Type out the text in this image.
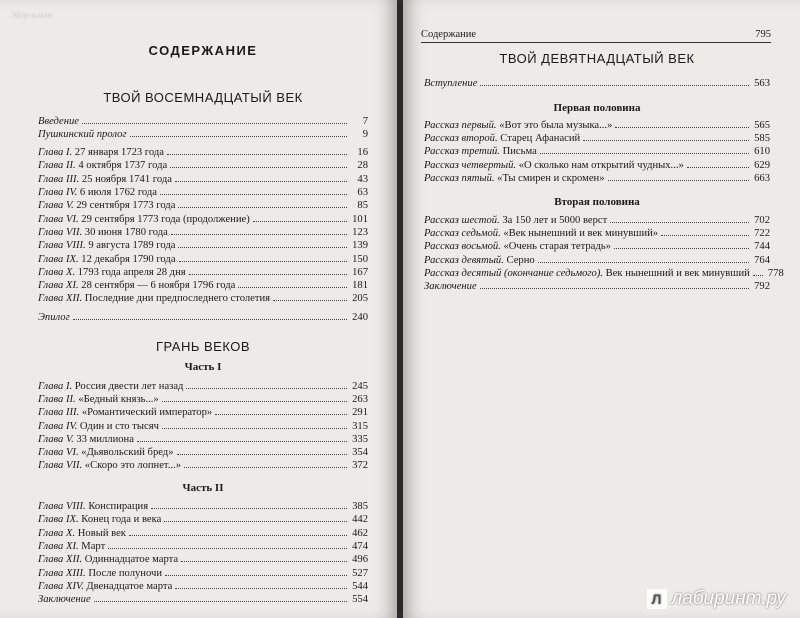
Эйдельман
СОДЕРЖАНИЕ
ТВОЙ ВОСЕМНАДЦАТЫЙ ВЕК
Введение	7
Пушкинский пролог	9
Глава I. 27 января 1723 года	16
Глава II. 4 октября 1737 года	28
Глава III. 25 ноября 1741 года	43
Глава IV. 6 июля 1762 года	63
Глава V. 29 сентября 1773 года	85
Глава VI. 29 сентября 1773 года (продолжение)	101
Глава VII. 30 июня 1780 года	123
Глава VIII. 9 августа 1789 года	139
Глава IX. 12 декабря 1790 года	150
Глава X. 1793 года апреля 28 дня	167
Глава XI. 28 сентября — 6 ноября 1796 года	181
Глава XII. Последние дни предпоследнего столетия	205
Эпилог	240
ГРАНЬ ВЕКОВ
Часть I
Глава I. Россия двести лет назад	245
Глава II. «Бедный князь...»	263
Глава III. «Романтический император»	291
Глава IV. Один и сто тысяч	315
Глава V. 33 миллиона	335
Глава VI. «Дьявольский бред»	354
Глава VII. «Скоро это лопнет...»	372
Часть II
Глава VIII. Конспирация	385
Глава IX. Конец года и века	442
Глава X. Новый век	462
Глава XI. Март	474
Глава XII. Одиннадцатое марта	496
Глава XIII. После полуночи	527
Глава XIV. Двенадцатое марта	544
Заключение	554
Содержание	795
ТВОЙ ДЕВЯТНАДЦАТЫЙ ВЕК
Вступление	563
Первая половина
Рассказ первый. «Вот это была музыка...»	565
Рассказ второй. Старец Афанасий	585
Рассказ третий. Письма	610
Рассказ четвертый. «О сколько нам открытий чудных...»	629
Рассказ пятый. «Ты смирен и скромен»	663
Вторая половина
Рассказ шестой. За 150 лет и 5000 верст	702
Рассказ седьмой. «Век нынешний и век минувший»	722
Рассказ восьмой. «Очень старая тетрадь»	744
Рассказ девятый. Серно	764
Рассказ десятый (окончание седьмого). Век нынешний и век минувший 778
Заключение	792
Л лабиринт.ру
